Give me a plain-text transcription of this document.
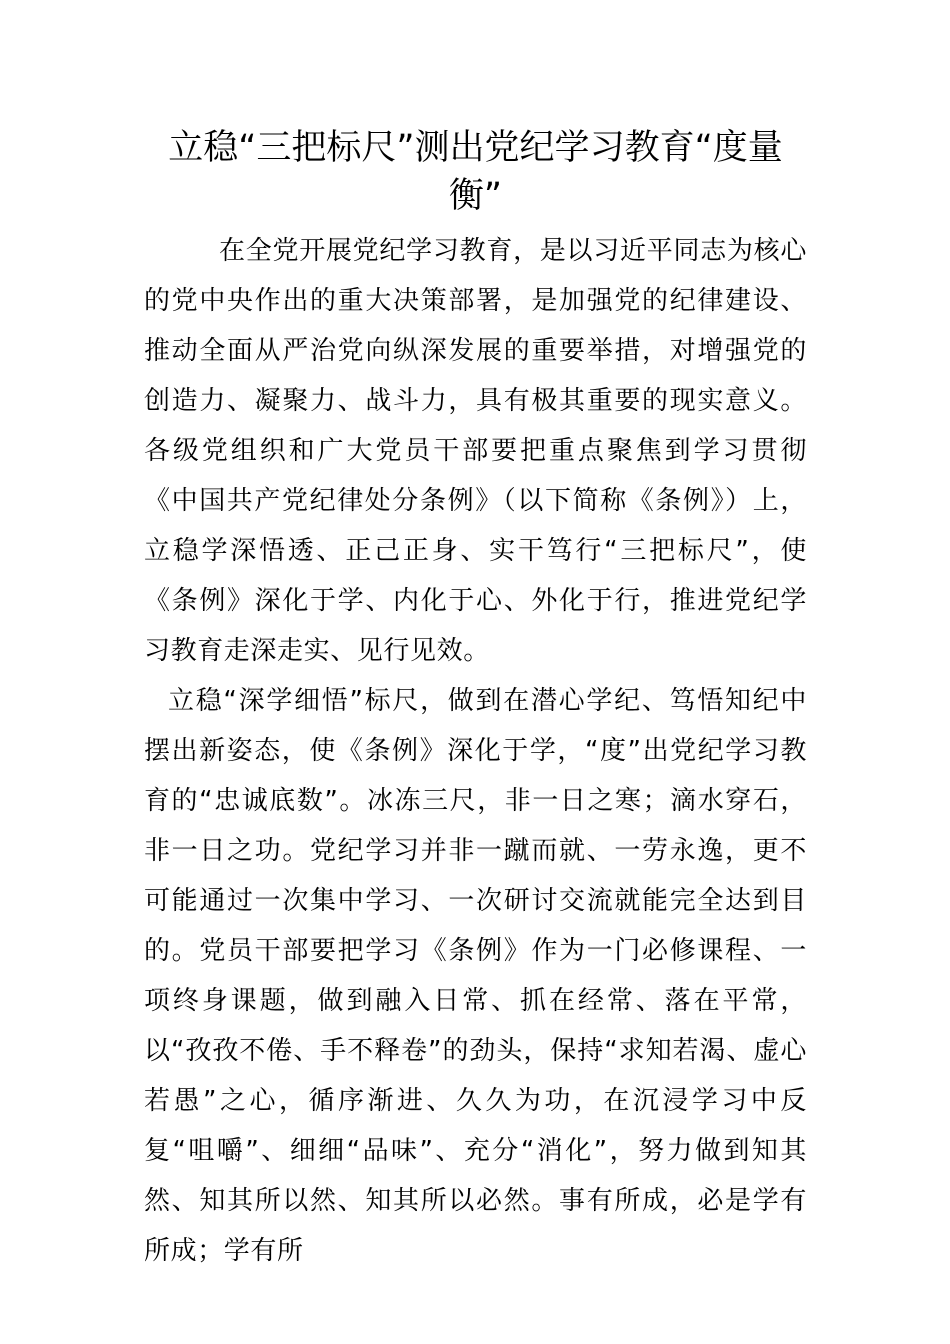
立稳“三把标尺”测出党纪学习教育“度量衡”

在全党开展党纪学习教育，是以习近平同志为核心的党中央作出的重大决策部署，是加强党的纪律建设、推动全面从严治党向纵深发展的重要举措，对增强党的创造力、凝聚力、战斗力，具有极其重要的现实意义。各级党组织和广大党员干部要把重点聚焦到学习贯彻《中国共产党纪律处分条例》（以下简称《条例》）上，立稳学深悟透、正己正身、实干笃行“三把标尺”，使《条例》深化于学、内化于心、外化于行，推进党纪学习教育走深走实、见行见效。

立稳“深学细悟”标尺，做到在潜心学纪、笃悟知纪中摆出新姿态，使《条例》深化于学，“度”出党纪学习教育的“忠诚底数”。冰冻三尺，非一日之寒；滴水穿石，非一日之功。党纪学习并非一蹴而就、一劳永逸，更不可能通过一次集中学习、一次研讨交流就能完全达到目的。党员干部要把学习《条例》作为一门必修课程、一项终身课题，做到融入日常、抓在经常、落在平常，以“孜孜不倦、手不释卷”的劲头，保持“求知若渴、虚心若愚”之心，循序渐进、久久为功，在沉浸学习中反复“咀嚼”、细细“品味”、充分“消化”，努力做到知其然、知其所以然、知其所以必然。事有所成，必是学有所成；学有所
